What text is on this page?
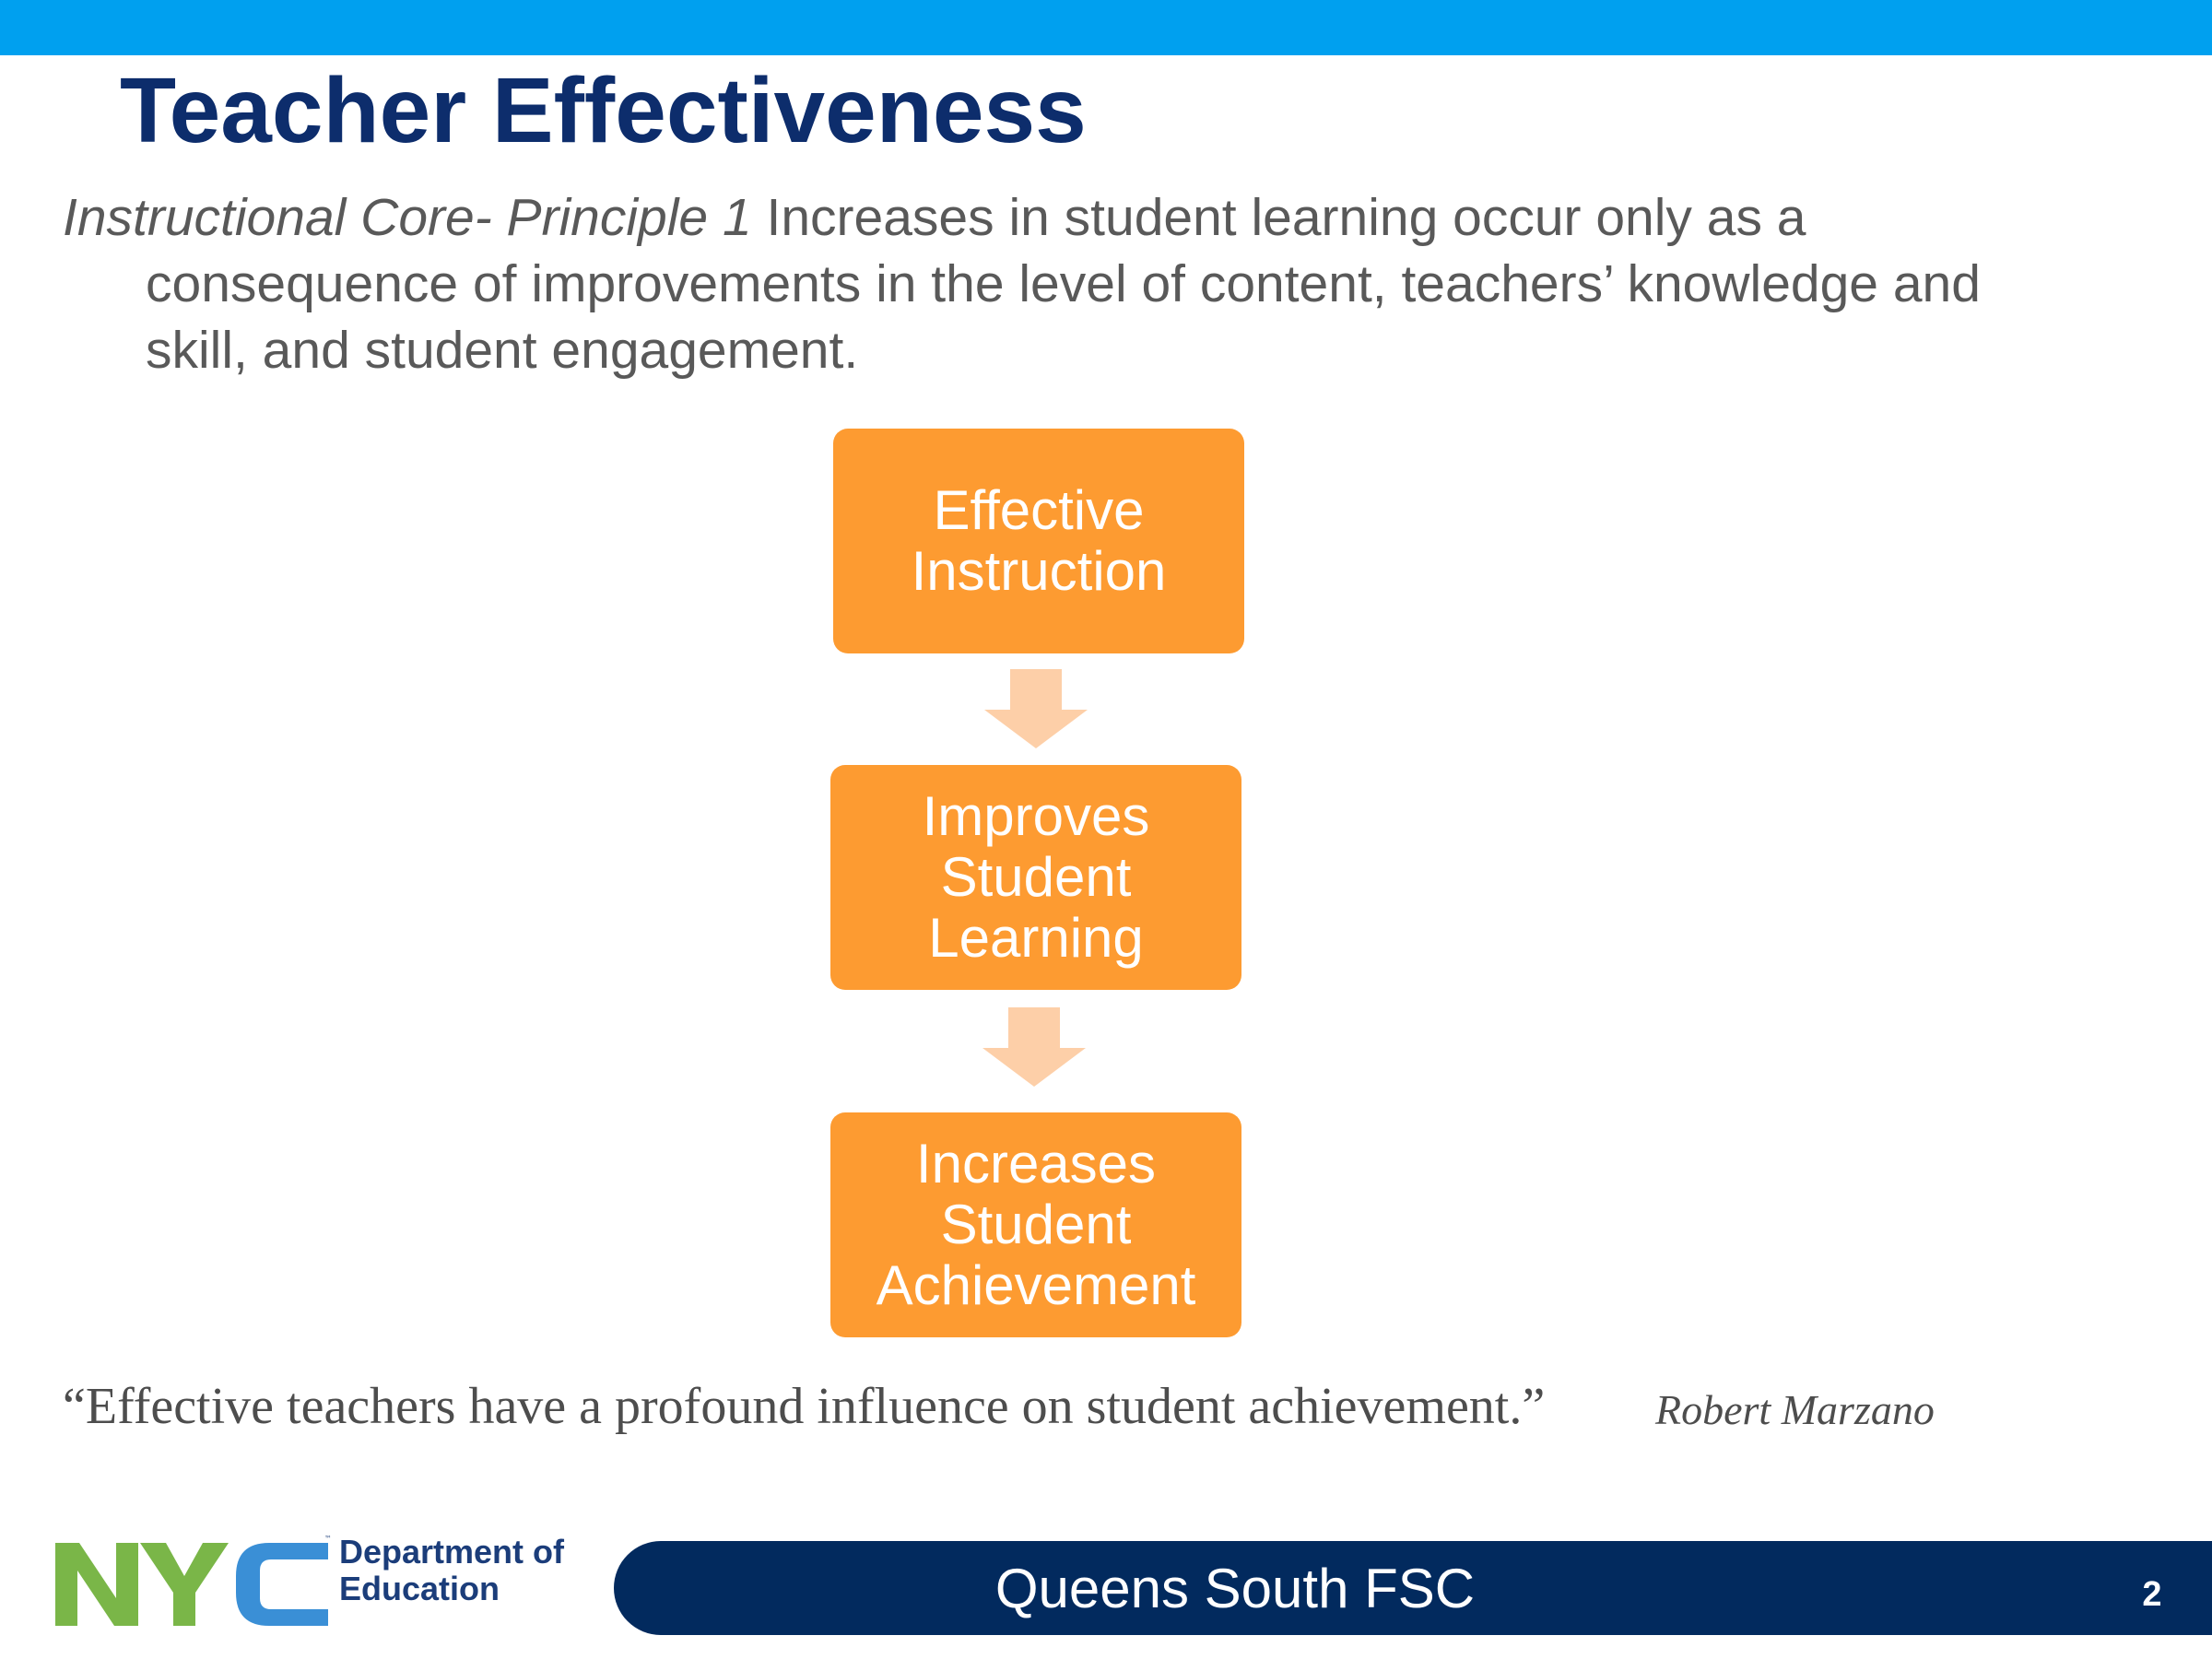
Teacher Effectiveness
Instructional Core- Principle 1 Increases in student learning occur only as a consequence of improvements in the level of content, teachers’ knowledge and skill, and student engagement.
Effective
Instruction
Improves
Student
Learning
Increases
Student
Achievement
“Effective teachers have a profound influence on student achievement.”	Robert Marzano
™ Department of
Education	Queens South FSC	2
